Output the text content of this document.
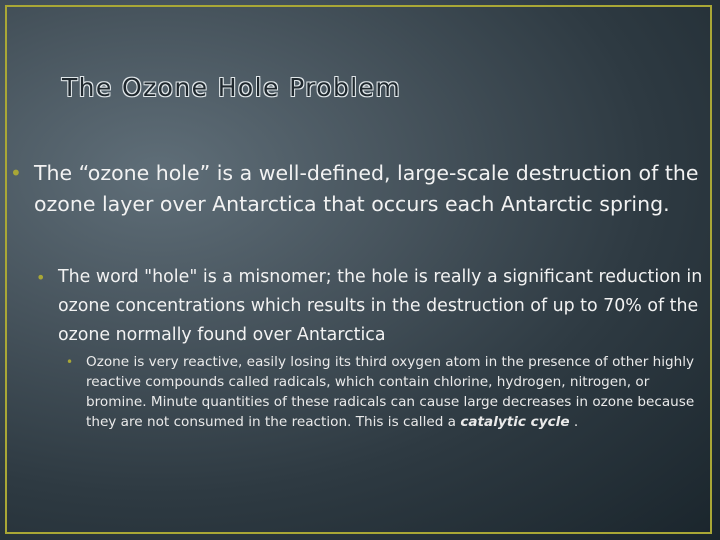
The Ozone Hole Problem
• The “ozone hole” is a well-defined, large-scale destruction of the ozone layer over Antarctica that occurs each Antarctic spring.
• The word "hole" is a misnomer; the hole is really a significant reduction in ozone concentrations which results in the destruction of up to 70% of the ozone normally found over Antarctica
• Ozone is very reactive, easily losing its third oxygen atom in the presence of other highly reactive compounds called radicals, which contain chlorine, hydrogen, nitrogen, or bromine. Minute quantities of these radicals can cause large decreases in ozone because they are not consumed in the reaction. This is called a catalytic cycle .
